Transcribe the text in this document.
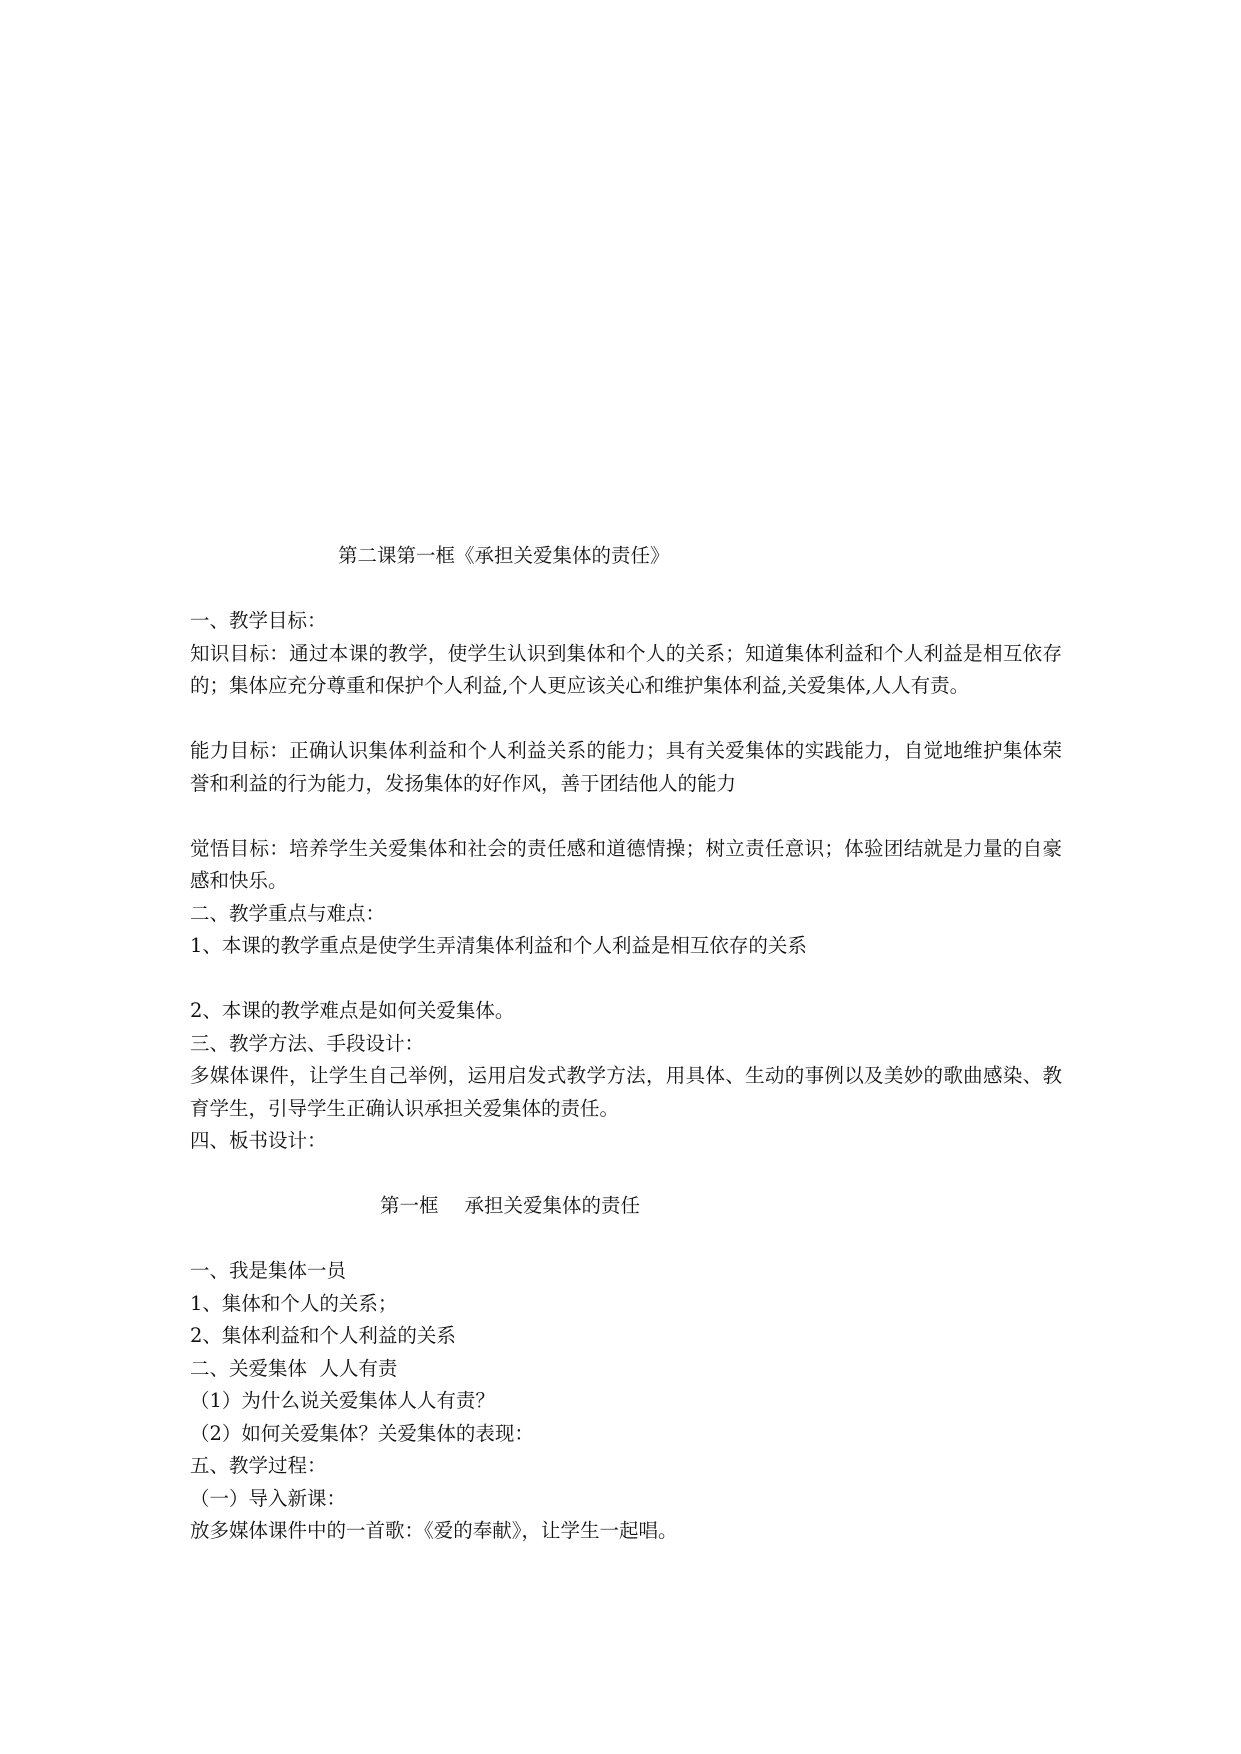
第二课第一框《承担关爱集体的责任》
一、教学目标：
知识目标：通过本课的教学，使学生认识到集体和个人的关系；知道集体利益和个人利益是相互依存的；集体应充分尊重和保护个人利益,个人更应该关心和维护集体利益,关爱集体,人人有责。
能力目标：正确认识集体利益和个人利益关系的能力；具有关爱集体的实践能力，自觉地维护集体荣誉和利益的行为能力，发扬集体的好作风，善于团结他人的能力
觉悟目标：培养学生关爱集体和社会的责任感和道德情操；树立责任意识；体验团结就是力量的自豪感和快乐。
二、教学重点与难点：
1、本课的教学重点是使学生弄清集体利益和个人利益是相互依存的关系
2、本课的教学难点是如何关爱集体。
三、教学方法、手段设计：
多媒体课件，让学生自己举例，运用启发式教学方法，用具体、生动的事例以及美妙的歌曲感染、教育学生，引导学生正确认识承担关爱集体的责任。
四、板书设计：
第一框 承担关爱集体的责任
一、我是集体一员
1、集体和个人的关系；
2、集体利益和个人利益的关系
二、关爱集体  人人有责
（1）为什么说关爱集体人人有责？
（2）如何关爱集体？关爱集体的表现：
五、教学过程：
（一）导入新课：
放多媒体课件中的一首歌：《爱的奉献》，让学生一起唱。
